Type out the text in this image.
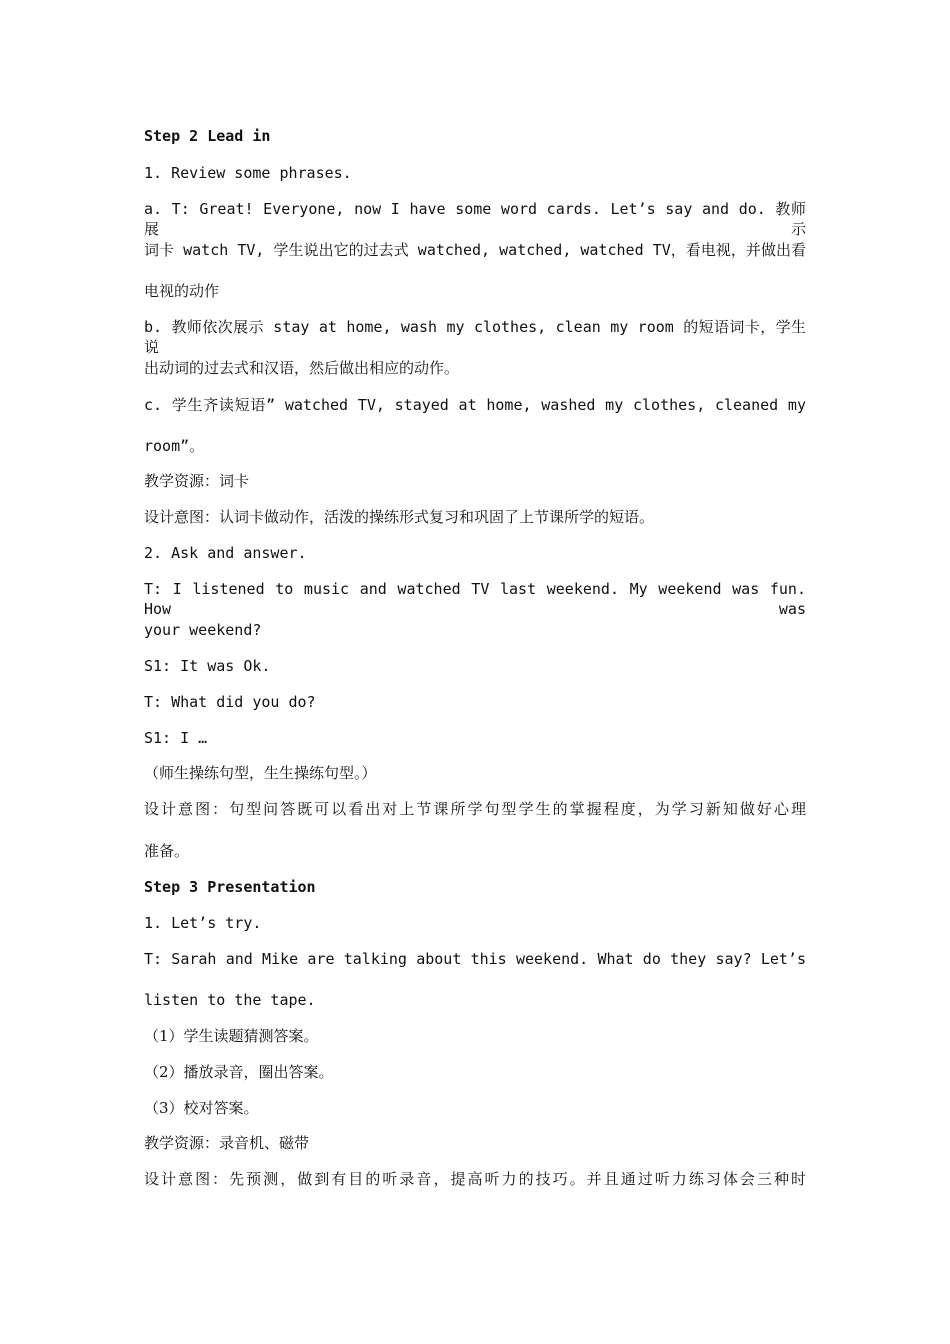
Step 2 Lead in
1. Review some phrases.
a. T: Great! Everyone, now I have some word cards. Let’s say and do. 教师展示
词卡 watch TV, 学生说出它的过去式 watched, watched, watched TV，看电视，并做出看
电视的动作
b. 教师依次展示 stay at home, wash my clothes, clean my room 的短语词卡，学生说
出动词的过去式和汉语，然后做出相应的动作。
c. 学生齐读短语” watched TV, stayed at home, washed my clothes, cleaned my
room”。
教学资源：词卡
设计意图：认词卡做动作，活泼的操练形式复习和巩固了上节课所学的短语。
2. Ask and answer.
T: I listened to music and watched TV last weekend. My weekend was fun. How was
your weekend?
S1: It was Ok.
T: What did you do?
S1: I …
（师生操练句型，生生操练句型。）
设计意图：句型问答既可以看出对上节课所学句型学生的掌握程度，为学习新知做好心理
准备。
Step 3 Presentation
1. Let’s try.
T: Sarah and Mike are talking about this weekend. What do they say? Let’s
listen to the tape.
（1）学生读题猜测答案。
（2）播放录音，圈出答案。
（3）校对答案。
教学资源：录音机、磁带
设计意图：先预测，做到有目的听录音，提高听力的技巧。并且通过听力练习体会三种时
